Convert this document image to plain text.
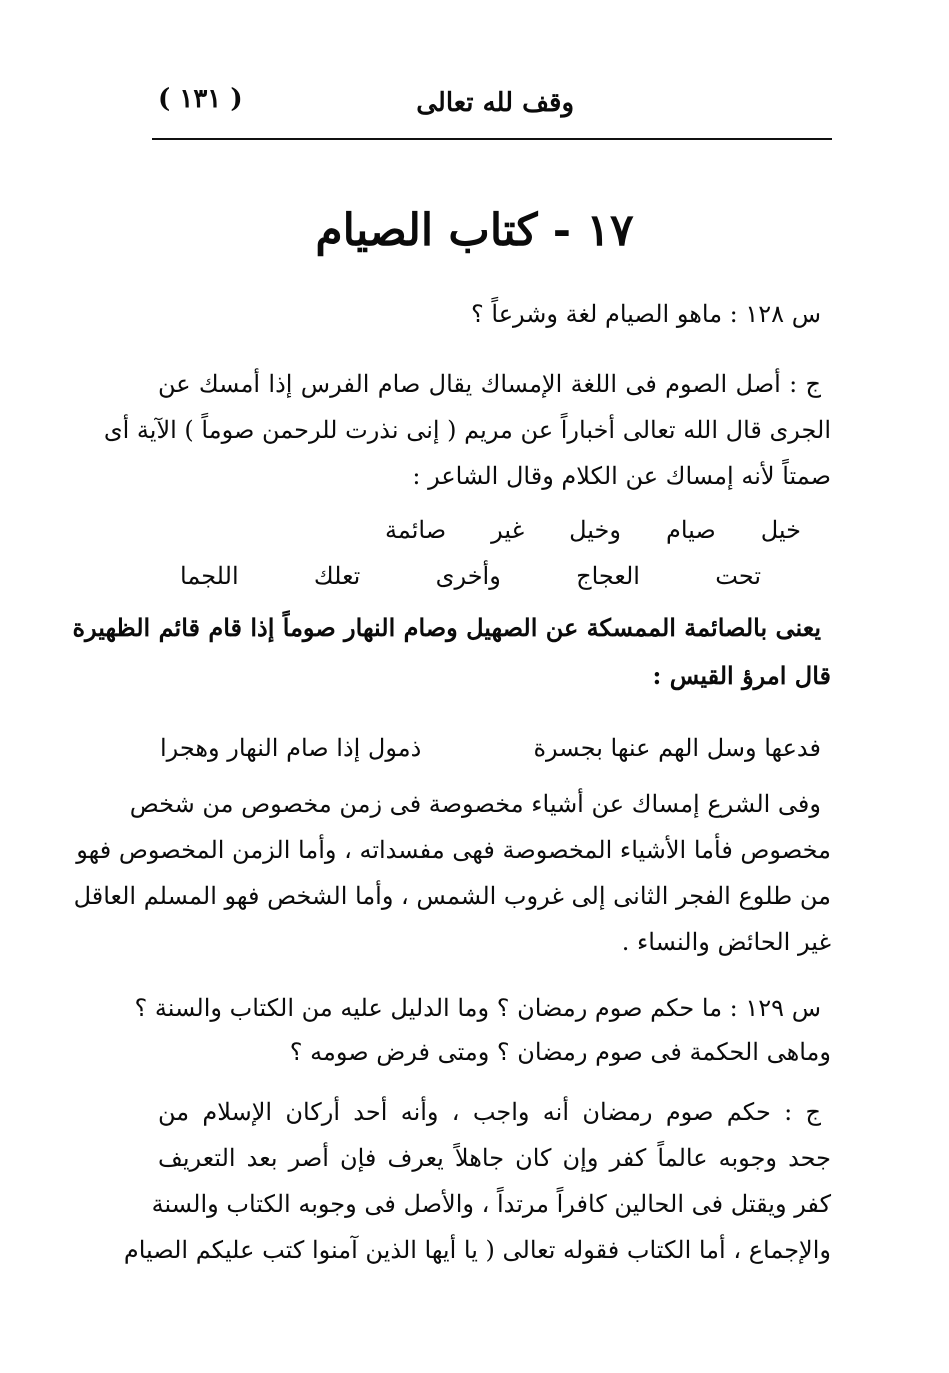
وقف لله تعالى
( ١٣١ )
١٧ - كتاب الصيام
س ١٢٨ : ماهو الصيام لغة وشرعاً ؟
ج : أصل الصوم فى اللغة الإمساك يقال صام الفرس إذا أمسك عن
الجرى قال الله تعالى أخباراً عن مريم ( إنى نذرت للرحمن صوماً ) الآية أى
صمتاً لأنه إمساك عن الكلام وقال الشاعر :
خيل صيام وخيل غير صائمة
تحت العجاج وأخرى تعلك اللجما
يعنى بالصائمة الممسكة عن الصهيل وصام النهار صوماً إذا قام قائم الظهيرة
قال امرؤ القيس :
فدعها وسل الهم عنها بجسرة
ذمول إذا صام النهار وهجرا
وفى الشرع إمساك عن أشياء مخصوصة فى زمن مخصوص من شخص
مخصوص فأما الأشياء المخصوصة فهى مفسداته ، وأما الزمن المخصوص فهو
من طلوع الفجر الثانى إلى غروب الشمس ، وأما الشخص فهو المسلم العاقل
غير الحائض والنساء .
س ١٢٩ : ما حكم صوم رمضان ؟ وما الدليل عليه من الكتاب والسنة ؟
وماهى الحكمة فى صوم رمضان ؟ ومتى فرض صومه ؟
ج : حكم صوم رمضان أنه واجب ، وأنه أحد أركان الإسلام من
جحد وجوبه عالماً كفر وإن كان جاهلاً يعرف فإن أصر بعد التعريف
كفر ويقتل فى الحالين كافراً مرتداً ، والأصل فى وجوبه الكتاب والسنة
والإجماع ، أما الكتاب فقوله تعالى ( يا أيها الذين آمنوا كتب عليكم الصيام
